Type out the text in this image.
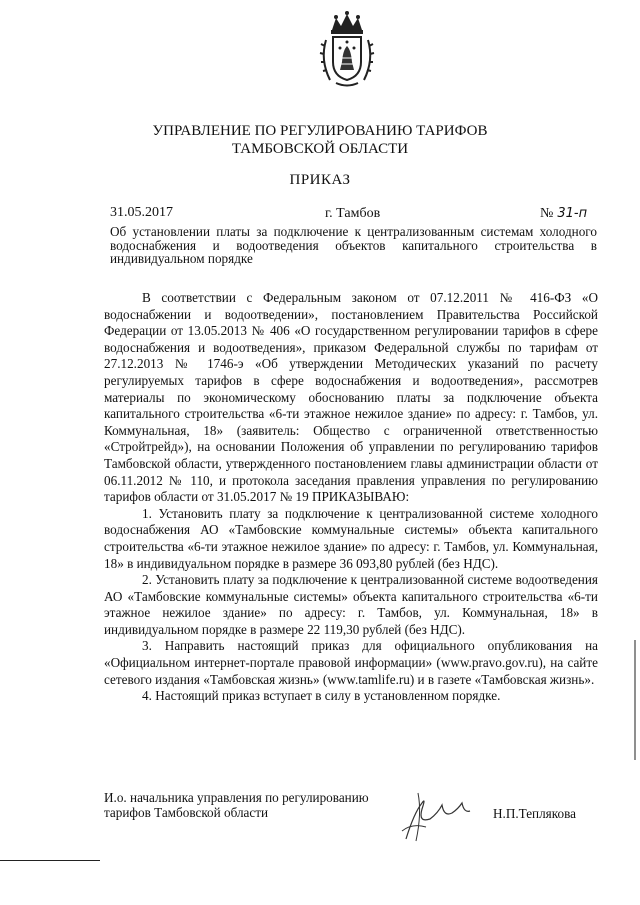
УПРАВЛЕНИЕ ПО РЕГУЛИРОВАНИЮ ТАРИФОВ
ТАМБОВСКОЙ ОБЛАСТИ
ПРИКАЗ
31.05.2017	г. Тамбов	№ 31-п
Об установлении платы за подключение к централизованным системам холодного водоснабжения и водоотведения объектов капитального строительства в индивидуальном порядке

В соответствии с Федеральным законом от 07.12.2011 № 416-ФЗ «О водоснабжении и водоотведении», постановлением Правительства Российской Федерации от 13.05.2013 № 406 «О государственном регулировании тарифов в сфере водоснабжения и водоотведения», приказом Федеральной службы по тарифам от 27.12.2013 № 1746-э «Об утверждении Методических указаний по расчету регулируемых тарифов в сфере водоснабжения и водоотведения», рассмотрев материалы по экономическому обоснованию платы за подключение объекта капитального строительства «6-ти этажное нежилое здание» по адресу: г. Тамбов, ул. Коммунальная, 18» (заявитель: Общество с ограниченной ответственностью «Стройтрейд»), на основании Положения об управлении по регулированию тарифов Тамбовской области, утвержденного постановлением главы администрации области от 06.11.2012 № 110, и протокола заседания правления управления по регулированию тарифов области от 31.05.2017 № 19 ПРИКАЗЫВАЮ:

1. Установить плату за подключение к централизованной системе холодного водоснабжения АО «Тамбовские коммунальные системы» объекта капитального строительства «6-ти этажное нежилое здание» по адресу: г. Тамбов, ул. Коммунальная, 18» в индивидуальном порядке в размере 36 093,80 рублей (без НДС).

2. Установить плату за подключение к централизованной системе водоотведения АО «Тамбовские коммунальные системы» объекта капитального строительства «6-ти этажное нежилое здание» по адресу: г. Тамбов, ул. Коммунальная, 18» в индивидуальном порядке в размере 22 119,30 рублей (без НДС).

3. Направить настоящий приказ для официального опубликования на «Официальном интернет-портале правовой информации» (www.pravo.gov.ru), на сайте сетевого издания «Тамбовская жизнь» (www.tamlife.ru) и в газете «Тамбовская жизнь».

4. Настоящий приказ вступает в силу в установленном порядке.

И.о. начальника управления по регулированию
тарифов Тамбовской области	Н.П.Теплякова
